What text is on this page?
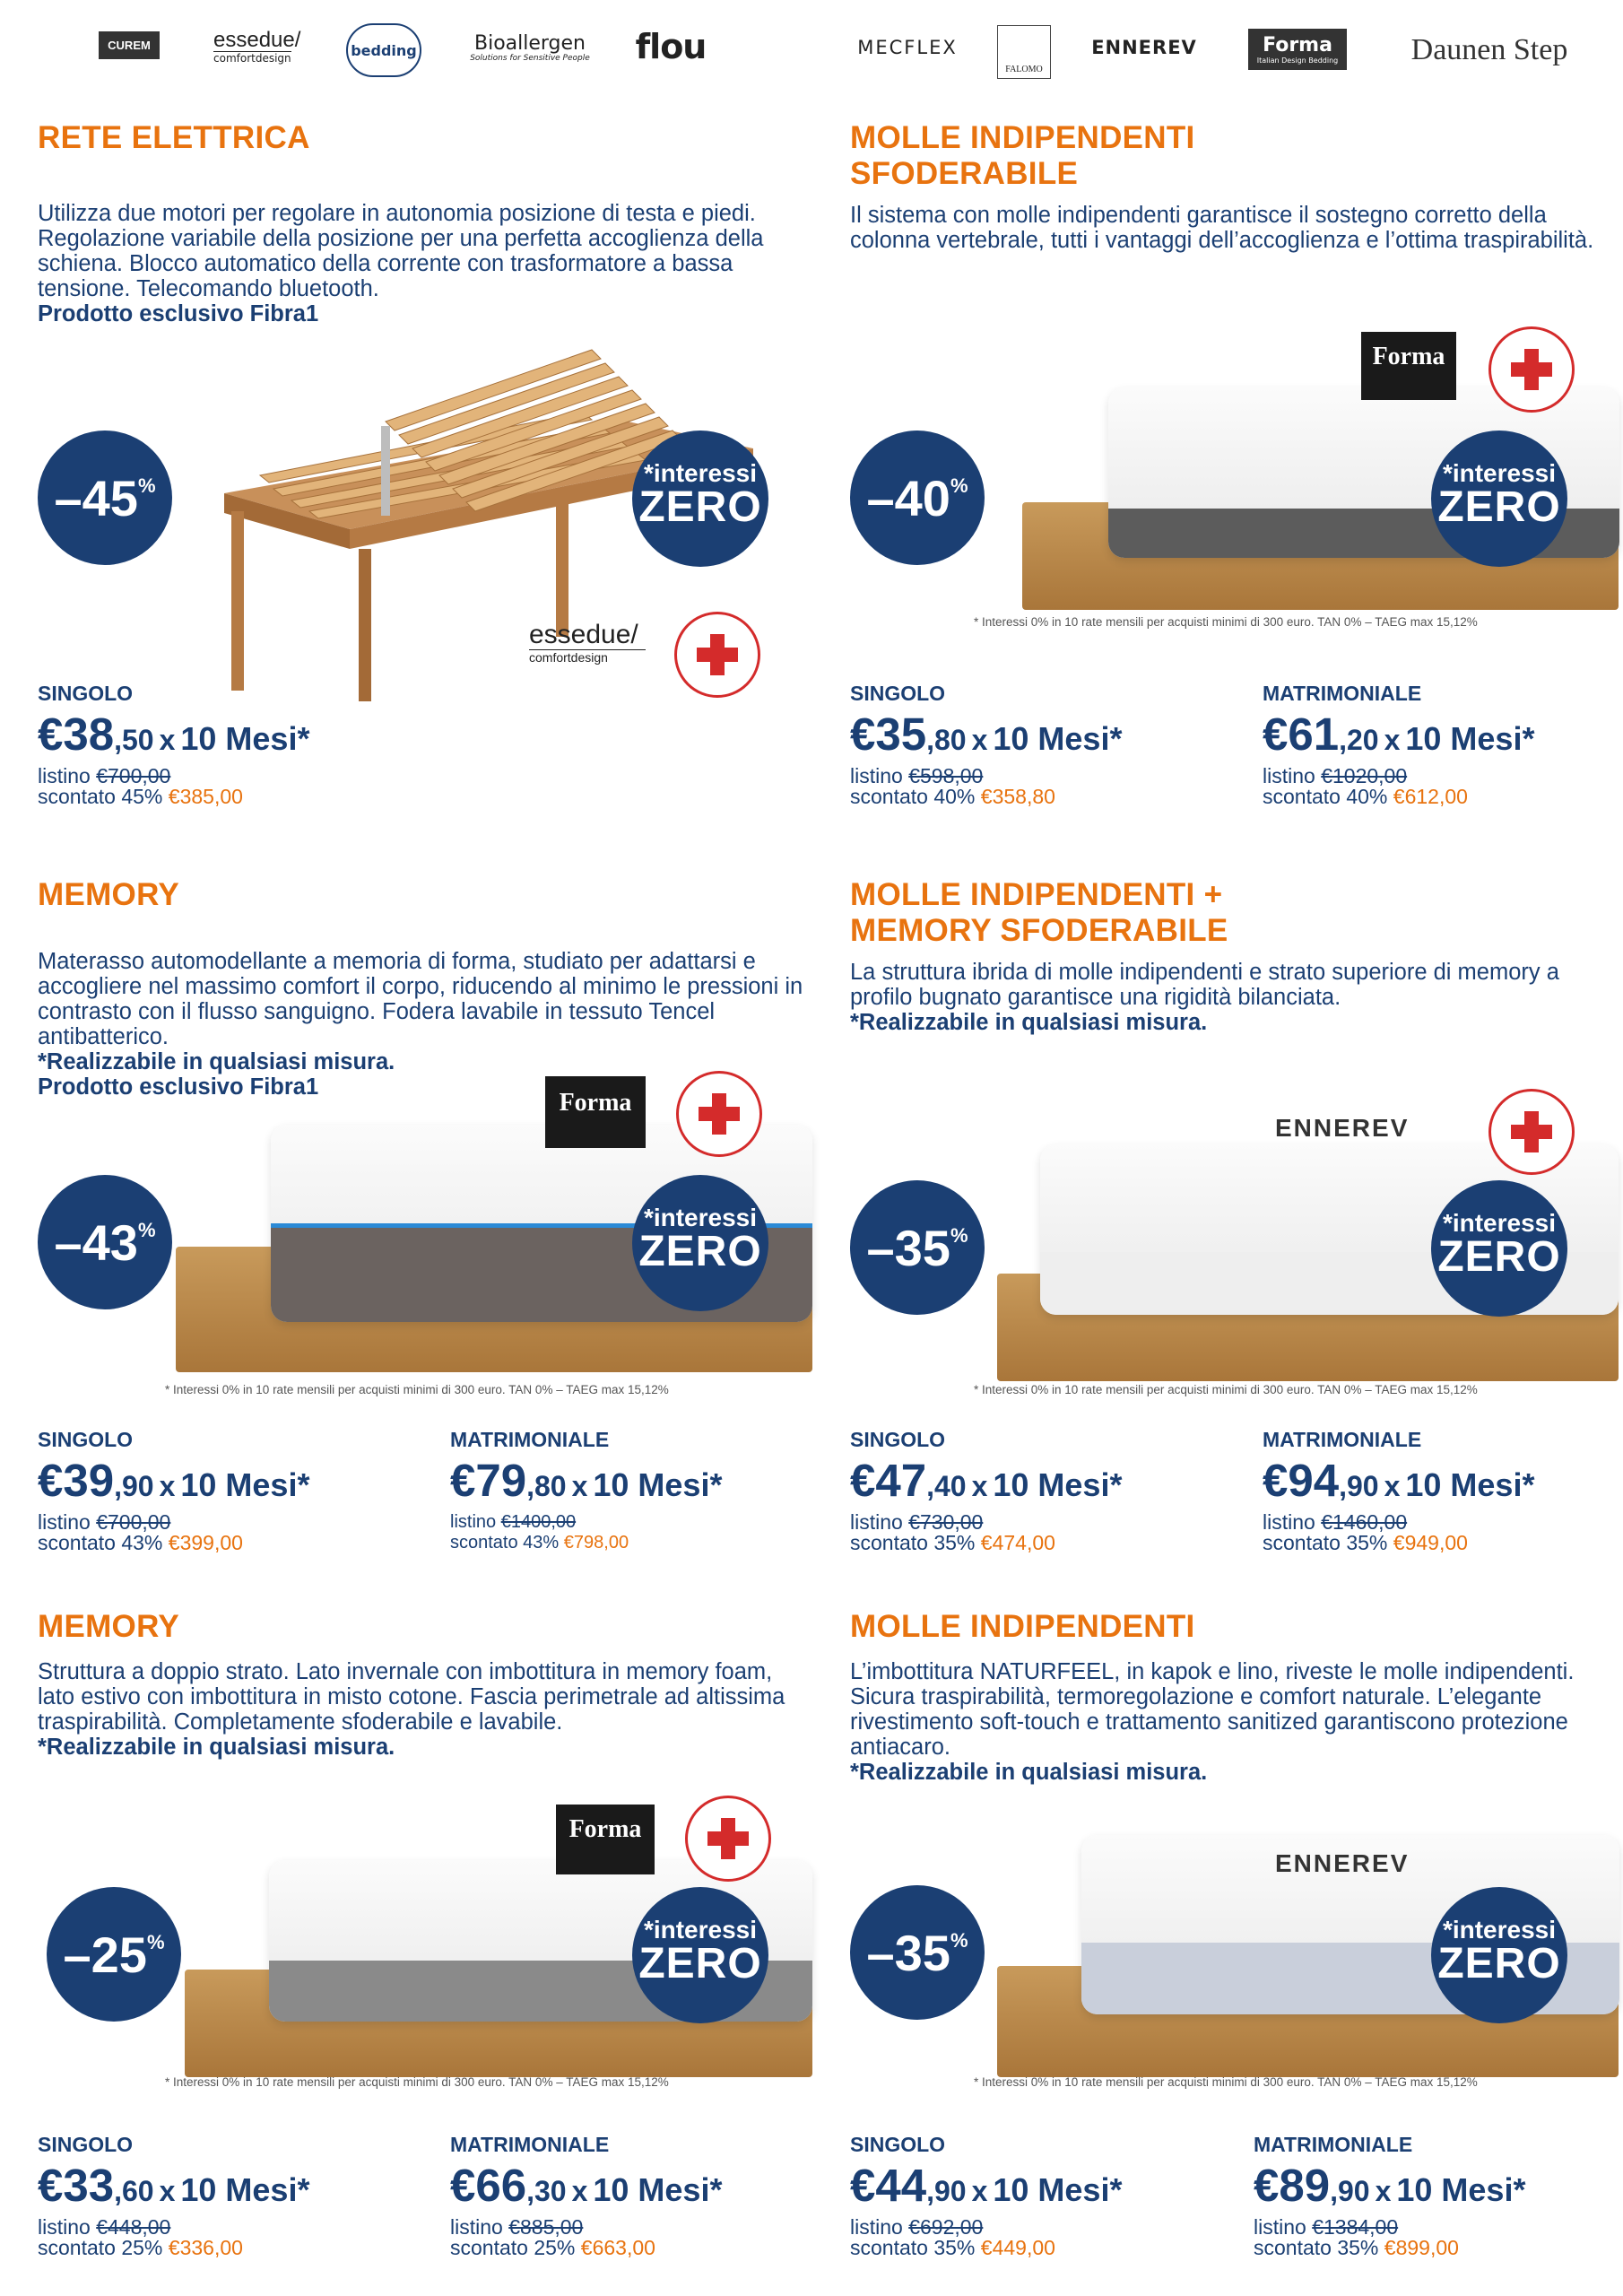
CUREM	essedue/
comfortdesign	bedding	Bioallergen
Solutions for Sensitive People flou	MECFLEX
FALOMO
ENNEREV	Forma
Italian Design Bedding Daunen Step
RETE ELETTRICA
Utilizza due motori per regolare in autonomia posizione di testa e piedi. Regolazione variabile della posizione per una perfetta accoglienza della schiena. Blocco automatico della corrente con trasformatore a bassa tensione. Telecomando bluetooth.
Prodotto esclusivo Fibra1
–45%	*interessi
ZERO
essedue/
comfortdesign
SINGOLO
€38,50 x 10 Mesi*
listino €700,00
scontato 45% €385,00
MOLLE INDIPENDENTI
SFODERABILE
Il sistema con molle indipendenti garantisce il sostegno corretto della colonna vertebrale, tutti i vantaggi dell’accoglienza e l’ottima traspirabilità.
Forma
–40%	*interessi
ZERO
* Interessi 0% in 10 rate mensili per acquisti minimi di 300 euro. TAN 0% – TAEG max 15,12%
SINGOLO
€35,80 x 10 Mesi*
listino €598,00
scontato 40% €358,80
MATRIMONIALE
€61,20 x 10 Mesi*
listino €1020,00
scontato 40% €612,00
MEMORY
Materasso automodellante a memoria di forma, studiato per adattarsi e accogliere nel massimo comfort il corpo, riducendo al minimo le pressioni in contrasto con il flusso sanguigno. Fodera lavabile in tessuto Tencel antibatterico.
*Realizzabile in qualsiasi misura.
Prodotto esclusivo Fibra1
Forma
–43%	*interessi
ZERO
* Interessi 0% in 10 rate mensili per acquisti minimi di 300 euro. TAN 0% – TAEG max 15,12%
SINGOLO
€39,90 x 10 Mesi*
listino €700,00
scontato 43% €399,00
MATRIMONIALE
€79,80 x 10 Mesi*
listino €1400,00
scontato 43% €798,00
MOLLE INDIPENDENTI +
MEMORY SFODERABILE
La struttura ibrida di molle indipendenti e strato superiore di memory a profilo bugnato garantisce una rigidità bilanciata.
*Realizzabile in qualsiasi misura.
ENNEREV
–35%	*interessi
ZERO
* Interessi 0% in 10 rate mensili per acquisti minimi di 300 euro. TAN 0% – TAEG max 15,12%
SINGOLO
€47,40 x 10 Mesi*
listino €730,00
scontato 35% €474,00
MATRIMONIALE
€94,90 x 10 Mesi*
listino €1460,00
scontato 35% €949,00
MEMORY
Struttura a doppio strato. Lato invernale con imbottitura in memory foam, lato estivo con imbottitura in misto cotone. Fascia perimetrale ad altissima traspirabilità. Completamente sfoderabile e lavabile.
*Realizzabile in qualsiasi misura.
Forma
–25%	*interessi
ZERO
* Interessi 0% in 10 rate mensili per acquisti minimi di 300 euro. TAN 0% – TAEG max 15,12%
SINGOLO
€33,60 x 10 Mesi*
listino €448,00
scontato 25% €336,00
MATRIMONIALE
€66,30 x 10 Mesi*
listino €885,00
scontato 25% €663,00
MOLLE INDIPENDENTI
L’imbottitura NATURFEEL, in kapok e lino, riveste le molle indipendenti. Sicura traspirabilità, termoregolazione e comfort naturale. L’elegante rivestimento soft-touch e trattamento sanitized garantiscono protezione antiacaro.
*Realizzabile in qualsiasi misura.
ENNEREV
–35%	*interessi
ZERO
* Interessi 0% in 10 rate mensili per acquisti minimi di 300 euro. TAN 0% – TAEG max 15,12%
SINGOLO
€44,90 x 10 Mesi*
listino €692,00
scontato 35% €449,00
MATRIMONIALE
€89,90 x 10 Mesi*
listino €1384,00
scontato 35% €899,00
